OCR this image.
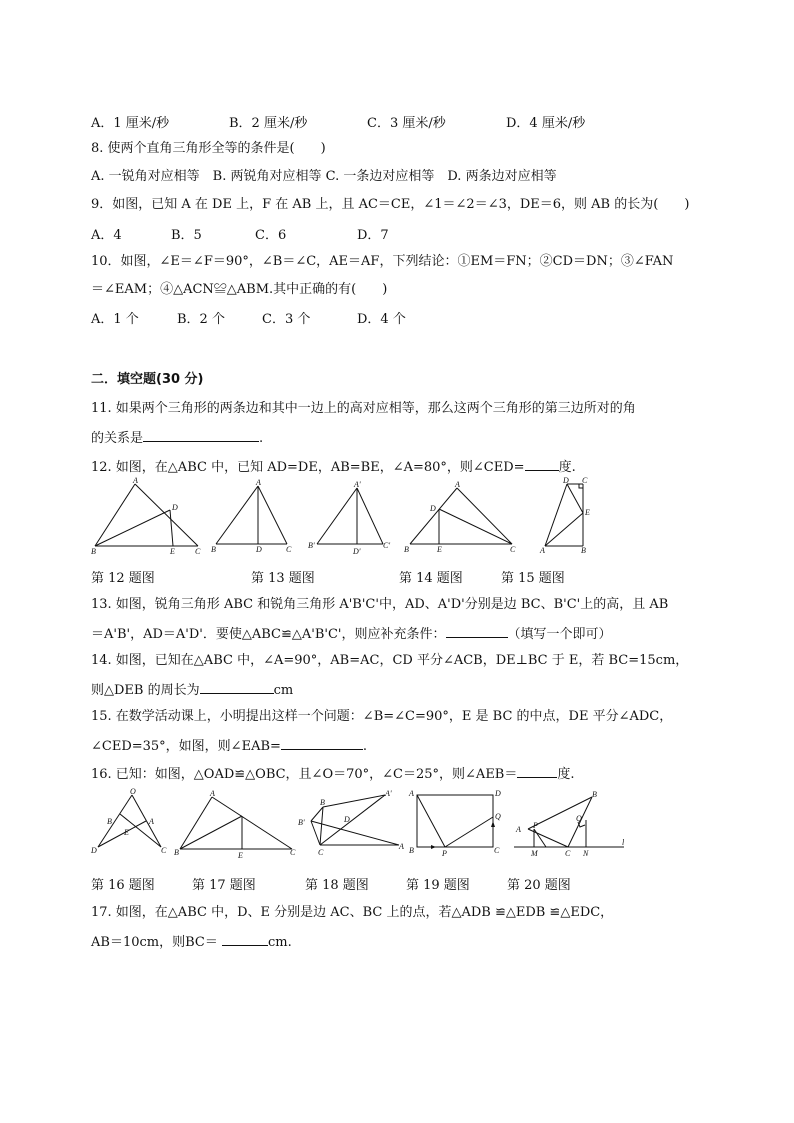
A．1 厘米/秒	B．2 厘米/秒	C．3 厘米/秒	D．4 厘米/秒
8. 使两个直角三角形全等的条件是(　　)
A. 一锐角对应相等　B. 两锐角对应相等 C. 一条边对应相等　D. 两条边对应相等
9．如图，已知 A 在 DE 上，F 在 AB 上，且 AC＝CE，∠1＝∠2＝∠3，DE＝6，则 AB 的长为(　　)
A．4	B．5	C．6	D．7
10．如图，∠E＝∠F＝90°，∠B＝∠C，AE＝AF，下列结论：①EM＝FN；②CD＝DN；③∠FAN
＝∠EAM；④△ACN≌△ABM.其中正确的有(　　)
A．1 个	B．2 个	C．3 个	D．4 个
二．填空题(30 分)
11. 如果两个三角形的两条边和其中一边上的高对应相等，那么这两个三角形的第三边所对的角
的关系是	.
12. 如图，在△ABC 中，已知 AD=DE，AB=BE，∠A=80°，则∠CED=	度.
A
D
B	E	C
A
B	D	C
A'
B'
D'
C'
A
D
B	E	C
D C
E
A	B
第 12 题图	第 13 题图	第 14 题图	第 15 题图
13. 如图，锐角三角形 ABC 和锐角三角形 A'B'C'中，AD、A'D'分别是边 BC、B'C'上的高，且 AB
＝A'B'，AD＝A'D'．要使△ABC≌△A'B'C'，则应补充条件：	（填写一个即可）
14. 如图，已知在△ABC 中，∠A=90°，AB=AC，CD 平分∠ACB，DE⊥BC 于 E，若 BC=15cm，
则△DEB 的周长为	cm
15. 在数学活动课上，小明提出这样一个问题：∠B=∠C=90°，E 是 BC 的中点，DE 平分∠ADC，
∠CED=35°，如图，则∠EAB=	.
16. 已知：如图，△OAD≌△OBC，且∠O＝70°，∠C＝25°，则∠AEB＝	度.
O
B	A
E
D	C
A
B	E	C
B
D
A'
B'
C
A
A	D
Q
B	P	C
B
A P
Q
M	C N
l
第 16 题图	第 17 题图	第 18 题图	第 19 题图	第 20 题图
17. 如图，在△ABC 中，D、E 分别是边 AC、BC 上的点，若△ADB ≌△EDB ≌△EDC，
AB＝10cm，则BC＝	cm.
